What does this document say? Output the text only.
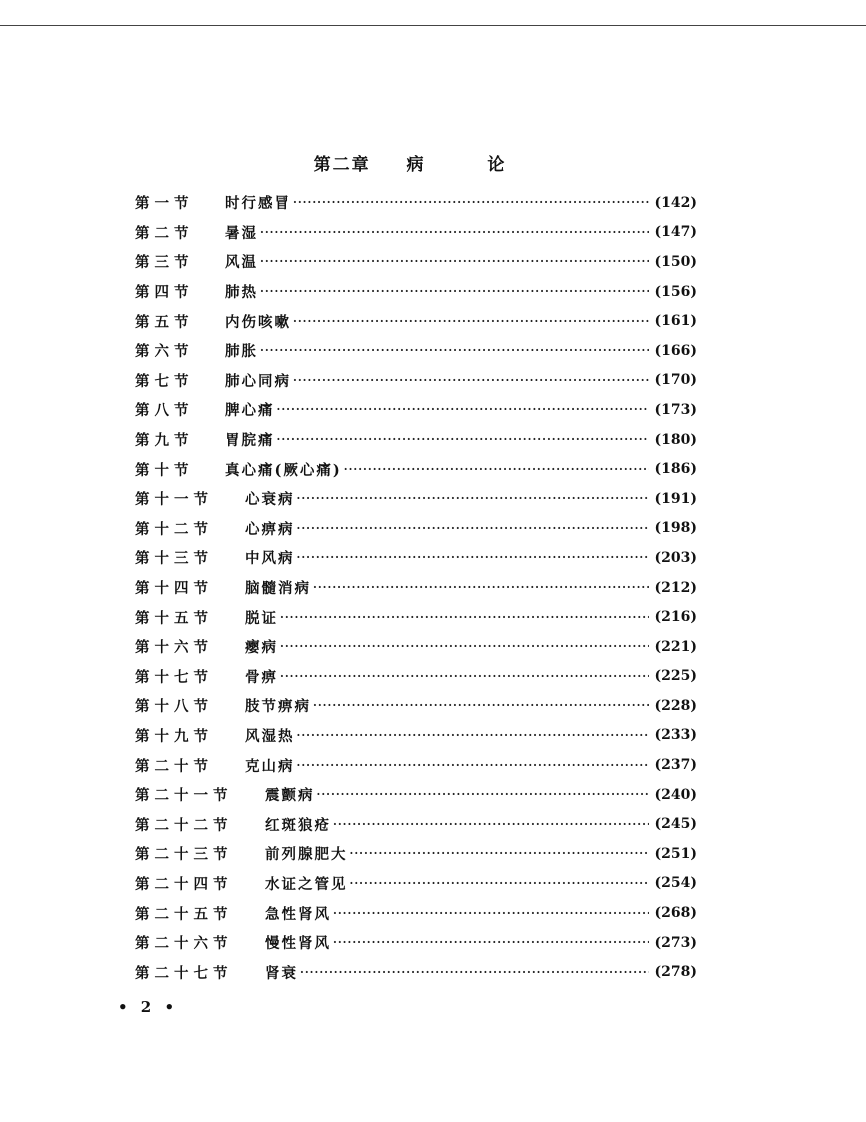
第二章 病	论
第一节	时行感冒 ·····	(142)
第二节	暑湿 ·····	(147)
第三节	风温 ·····	(150)
第四节	肺热 ·····	(156)
第五节	内伤咳嗽 ·····	(161)
第六节	肺胀 ·····	(166)
第七节	肺心同病 ·····	(170)
第八节	脾心痛 ·····	(173)
第九节	胃脘痛 ·····	(180)
第十节	真心痛(厥心痛) ·····	(186)
第十一节	心衰病 ·····	(191)
第十二节	心痹病 ·····	(198)
第十三节	中风病 ·····	(203)
第十四节	脑髓消病 ·····	(212)
第十五节	脱证 ·····	(216)
第十六节	瘿病 ·····	(221)
第十七节	骨痹 ·····	(225)
第十八节	肢节痹病 ·····	(228)
第十九节	风湿热 ·····	(233)
第二十节	克山病 ·····	(237)
第二十一节	震颤病 ·····	(240)
第二十二节	红斑狼疮 ·····	(245)
第二十三节	前列腺肥大 ·····	(251)
第二十四节	水证之管见 ·····	(254)
第二十五节	急性肾风 ·····	(268)
第二十六节	慢性肾风 ·····	(273)
第二十七节	肾衰 ·····	(278)
• 2 •
